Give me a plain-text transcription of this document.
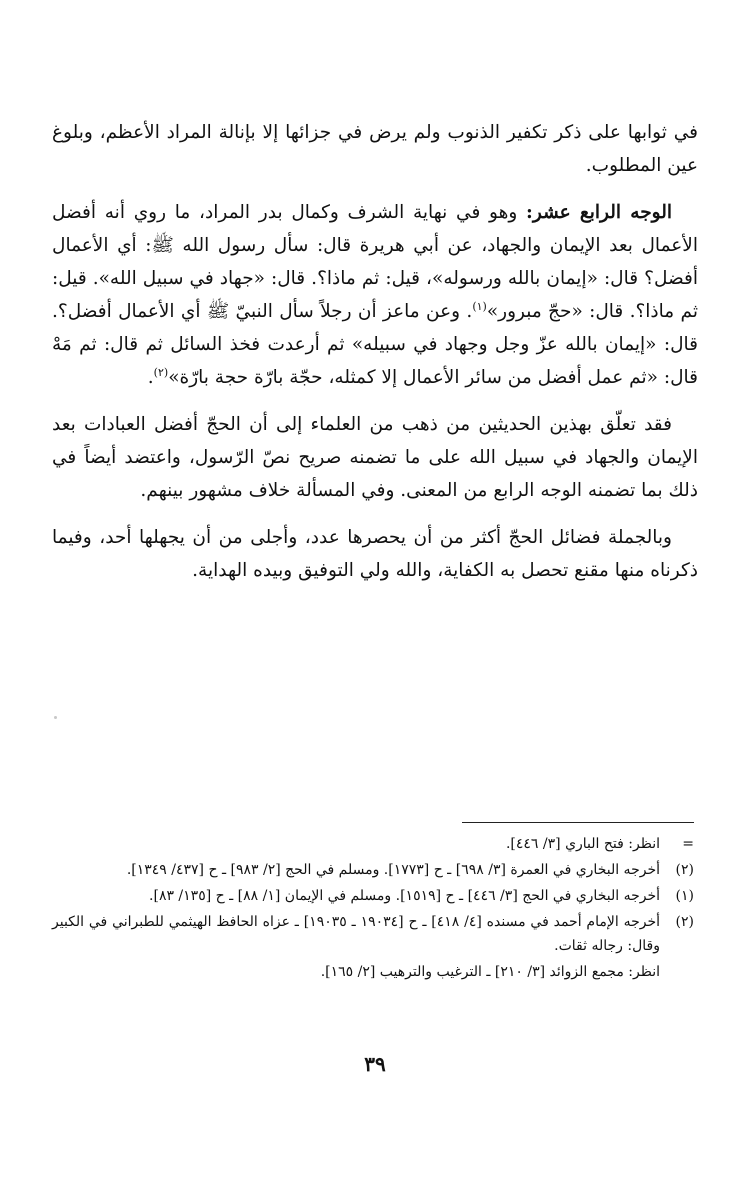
في ثوابها على ذكر تكفير الذنوب ولم يرض في جزائها إلا بإنالة المراد الأعظم، وبلوغ عين المطلوب.

الوجه الرابع عشر: وهو في نهاية الشرف وكمال بدر المراد، ما روي أنه أفضل الأعمال بعد الإيمان والجهاد، عن أبي هريرة قال: سأل رسول الله ﷺ: أي الأعمال أفضل؟ قال: «إيمان بالله ورسوله»، قيل: ثم ماذا؟. قال: «جهاد في سبيل الله». قيل: ثم ماذا؟. قال: «حجّ مبرور»$^{(١)}$. وعن ماعز أن رجلاً سأل النبيّ ﷺ أي الأعمال أفضل؟. قال: «إيمان بالله عزّ وجل وجهاد في سبيله» ثم أرعدت فخذ السائل ثم قال: ثم مَهْ قال: «ثم عمل أفضل من سائر الأعمال إلا كمثله، حجّة بارّة حجة بارّة»$^{(٢)}$.

فقد تعلّق بهذين الحديثين من ذهب من العلماء إلى أن الحجّ أفضل العبادات بعد الإيمان والجهاد في سبيل الله على ما تضمنه صريح نصّ الرّسول، واعتضد أيضاً في ذلك بما تضمنه الوجه الرابع من المعنى. وفي المسألة خلاف مشهور بينهم.

وبالجملة فضائل الحجّ أكثر من أن يحصرها عدد، وأجلى من أن يجهلها أحد، وفيما ذكرناه منها مقنع تحصل به الكفاية، والله ولي التوفيق وبيده الهداية.

=
انظر: فتح الباري [٣/ ٤٤٦].
(٢)
أخرجه البخاري في العمرة [٣/ ٦٩٨] ـ ح [١٧٧٣]. ومسلم في الحج [٢/ ٩٨٣] ـ ح [٤٣٧/ ١٣٤٩].
(١)
أخرجه البخاري في الحج [٣/ ٤٤٦] ـ ح [١٥١٩]. ومسلم في الإيمان [١/ ٨٨] ـ ح [١٣٥/ ٨٣].
(٢)
أخرجه الإمام أحمد في مسنده [٤/ ٤١٨] ـ ح [١٩٠٣٤ ـ ١٩٠٣٥] ـ عزاه الحافظ الهيثمي للطبراني في الكبير وقال: رجاله ثقات.
انظر: مجمع الزوائد [٣/ ٢١٠] ـ الترغيب والترهيب [٢/ ١٦٥].
٣٩
